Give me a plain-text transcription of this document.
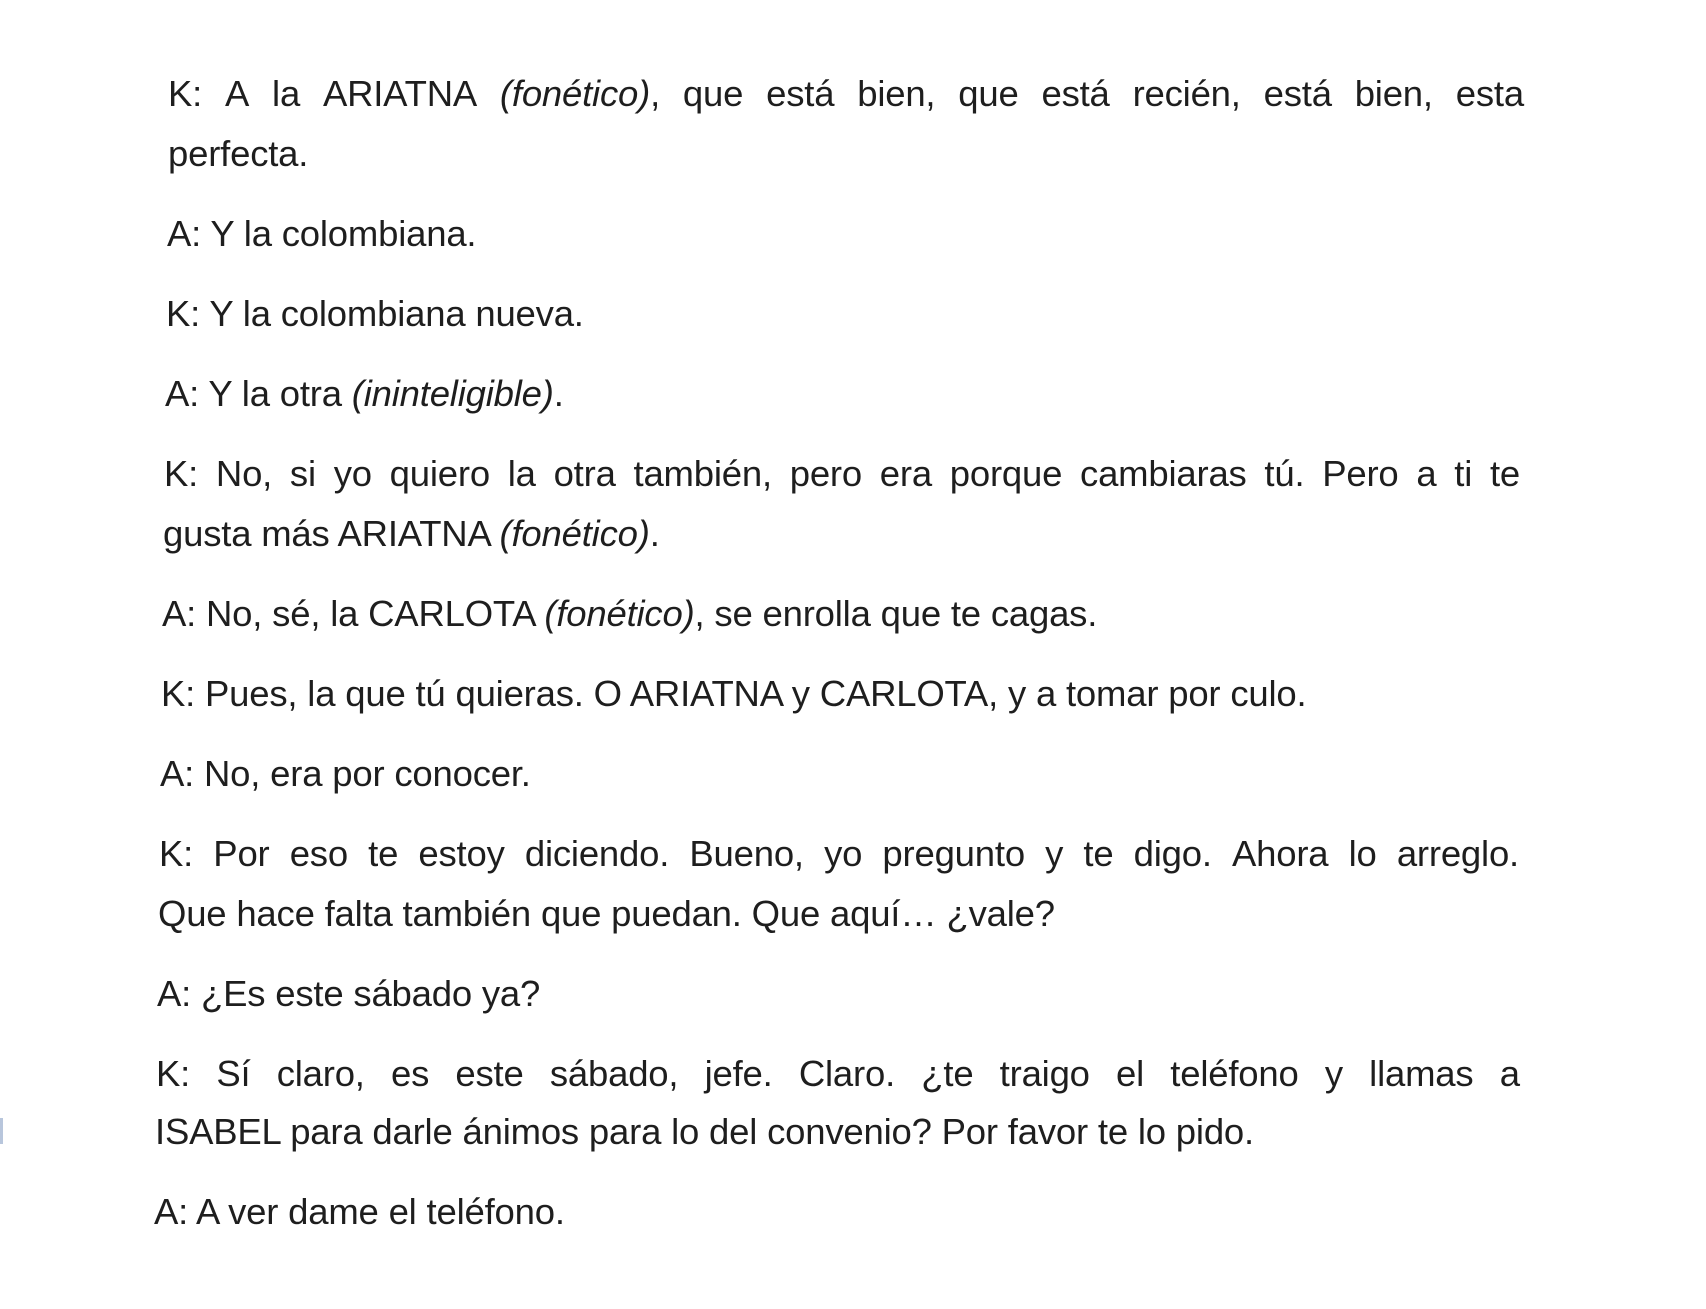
K: A la ARIATNA (fonético), que está bien, que está recién, está bien, esta
perfecta.
A: Y la colombiana.
K: Y la colombiana nueva.
A: Y la otra (ininteligible).
K: No, si yo quiero la otra también, pero era porque cambiaras tú. Pero a ti te
gusta más ARIATNA (fonético).
A: No, sé, la CARLOTA (fonético), se enrolla que te cagas.
K: Pues, la que tú quieras. O ARIATNA y CARLOTA, y a tomar por culo.
A: No, era por conocer.
K: Por eso te estoy diciendo. Bueno, yo pregunto y te digo. Ahora lo arreglo.
Que hace falta también que puedan. Que aquí… ¿vale?
A: ¿Es este sábado ya?
K: Sí claro, es este sábado, jefe. Claro. ¿te traigo el teléfono y llamas a
ISABEL para darle ánimos para lo del convenio? Por favor te lo pido.
A: A ver dame el teléfono.
